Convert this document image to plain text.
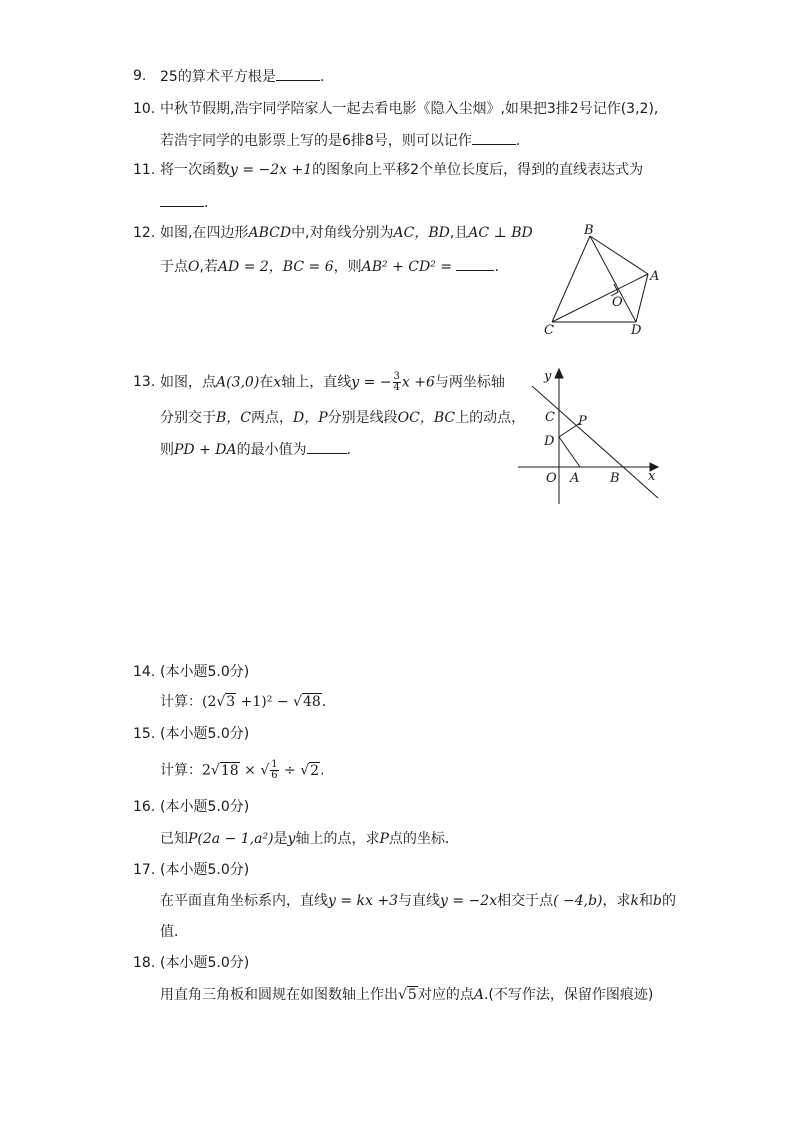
9. 25的算术平方根是	.
10. 中秋节假期,浩宇同学陪家人一起去看电影《隐入尘烟》,如果把3排2号记作(3,2),
若浩宇同学的电影票上写的是6排8号，则可以记作	.
11. 将一次函数y = −2x +1的图象向上平移2个单位长度后，得到的直线表达式为
.
12. 如图,在四边形ABCD中,对角线分别为AC，BD,且AC ⊥ BD
于点O,若AD = 2，BC = 6，则AB² + CD² =	.
B
A
O
C	D
13. 如图，点A(3,0)在x轴上，直线y = − $\frac{3}{4}$ x +6与两坐标轴
分别交于B，C两点，D，P分别是线段OC，BC上的动点，
则PD + DA的最小值为	.
y
C P
D
O A B x
14. (本小题5.0分)
计算：(2√3 +1)² − √48.
15. (本小题5.0分)
计算：2√18 × √ $\frac{1}{6} \div √2$.
16. (本小题5.0分)
已知P(2a − 1,a²)是y轴上的点，求P点的坐标．
17. (本小题5.0分)
在平面直角坐标系内，直线y = kx +3与直线y = −2x相交于点( −4,b)，求k和b的
值．
18. (本小题5.0分)
用直角三角板和圆规在如图数轴上作出√5对应的点A.(不写作法，保留作图痕迹)
